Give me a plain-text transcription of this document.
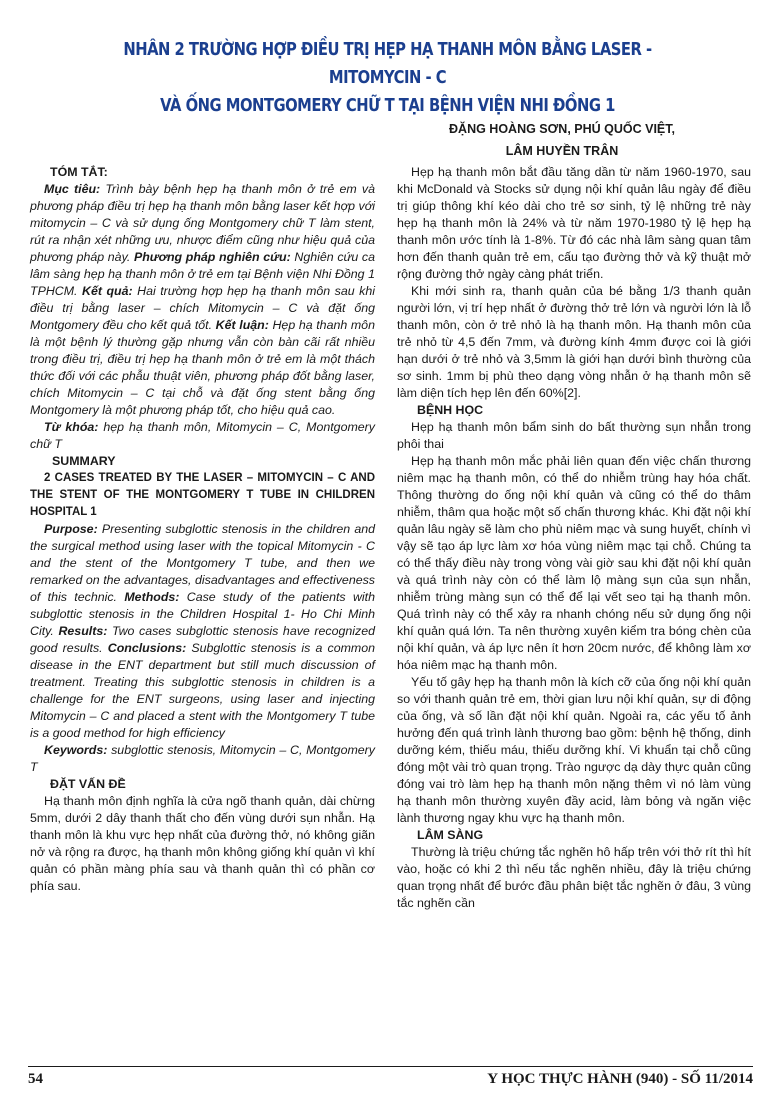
NHÂN 2 TRƯỜNG HỢP ĐIỀU TRỊ HẸP HẠ THANH MÔN BẰNG LASER - MITOMYCIN - C
VÀ ỐNG MONTGOMERY CHỮ T TẠI BỆNH VIỆN NHI ĐỒNG 1
ĐẶNG HOÀNG SƠN, PHÚ QUỐC VIỆT,
LÂM HUYỀN TRÂN
TÓM TẮT:

Mục tiêu: Trình bày bệnh hẹp hạ thanh môn ở trẻ em và phương pháp điều trị hẹp hạ thanh môn bằng laser kết hợp với mitomycin – C và sử dụng ống Montgomery chữ T làm stent, rút ra nhận xét những ưu, nhược điểm cũng như hiệu quả của phương pháp này. Phương pháp nghiên cứu: Nghiên cứu ca lâm sàng hẹp hạ thanh môn ở trẻ em tại Bệnh viện Nhi Đồng 1 TPHCM. Kết quả: Hai trường hợp hẹp hạ thanh môn sau khi điều trị bằng laser – chích Mitomycin – C và đặt ống Montgomery đều cho kết quả tốt. Kết luận: Hẹp hạ thanh môn là một bệnh lý thường gặp nhưng vẫn còn bàn cãi rất nhiều trong điều trị, điều trị hẹp hạ thanh môn ở trẻ em là một thách thức đối với các phẫu thuật viên, phương pháp đốt bằng laser, chích Mitomycin – C tại chỗ và đặt ống stent bằng ống Montgomery là một phương pháp tốt, cho hiệu quả cao.

Từ khóa: hẹp hạ thanh môn, Mitomycin – C, Montgomery chữ T

SUMMARY

2 CASES TREATED BY THE LASER – MITOMYCIN – C AND THE STENT OF THE MONTGOMERY T TUBE IN CHILDREN HOSPITAL 1

Purpose: Presenting subglottic stenosis in the children and the surgical method using laser with the topical Mitomycin - C and the stent of the Montgomery T tube, and then we remarked on the advantages, disadvantages and effectiveness of this technic. Methods: Case study of the patients with subglottic stenosis in the Children Hospital 1- Ho Chi Minh City. Results: Two cases subglottic stenosis have recognized good results. Conclusions: Subglottic stenosis is a common disease in the ENT department but still much discussion of treatment. Treating this subglottic stenosis in children is a challenge for the ENT surgeons, using laser and injecting Mitomycin – C and placed a stent with the Montgomery T tube is a good method for high efficiency

Keywords: subglottic stenosis, Mitomycin – C, Montgomery T

ĐẶT VẤN ĐỀ

Hạ thanh môn định nghĩa là cửa ngõ thanh quản, dài chừng 5mm, dưới 2 dây thanh thất cho đến vùng dưới sụn nhẫn. Hạ thanh môn là khu vực hẹp nhất của đường thở, nó không giãn nở và rộng ra được, hạ thanh môn không giống khí quản vì khí quản có phần màng phía sau và thanh quản thì có phần cơ phía sau.

Hẹp hạ thanh môn bắt đầu tăng dần từ năm 1960-1970, sau khi McDonald và Stocks sử dụng nội khí quản lâu ngày để điều trị giúp thông khí kéo dài cho trẻ sơ sinh, tỷ lệ những trẻ này hẹp hạ thanh môn là 24% và từ năm 1970-1980 tỷ lệ hẹp hạ thanh môn ước tính là 1-8%. Từ đó các nhà lâm sàng quan tâm hơn đến thanh quản trẻ em, cấu tạo đường thở và kỹ thuật mở rộng đường thở ngày càng phát triển.

Khi mới sinh ra, thanh quản của bé bằng 1/3 thanh quản người lớn, vị trí hẹp nhất ở đường thở trẻ lớn và người lớn là lỗ thanh môn, còn ở trẻ nhỏ là hạ thanh môn. Hạ thanh môn của trẻ nhỏ từ 4,5 đến 7mm, và đường kính 4mm được coi là giới hạn dưới ở trẻ nhỏ và 3,5mm là giới hạn dưới bình thường của sơ sinh. 1mm bị phù theo dạng vòng nhẫn ở hạ thanh môn sẽ làm diện tích hẹp lên đến 60%[2].

BỆNH HỌC

Hẹp hạ thanh môn bẩm sinh do bất thường sụn nhẫn trong phôi thai

Hẹp hạ thanh môn mắc phải liên quan đến việc chấn thương niêm mạc hạ thanh môn, có thể do nhiễm trùng hay hóa chất. Thông thường do ống nội khí quản và cũng có thể do thâm nhiễm, thâm qua hoặc một số chấn thương khác. Khi đặt nội khí quản lâu ngày sẽ làm cho phù niêm mạc và sung huyết, chính vì vậy sẽ tạo áp lực làm xơ hóa vùng niêm mạc tại chỗ. Chúng ta có thể thấy điều này trong vòng vài giờ sau khi đặt nội khí quản và quá trình này còn có thể làm lộ màng sụn của sụn nhẫn, nhiễm trùng màng sụn có thể để lại vết seo tại hạ thanh môn. Quá trình này có thể xảy ra nhanh chóng nếu sử dụng ống nội khí quản quá lớn. Ta nên thường xuyên kiểm tra bóng chèn của nội khí quản, và áp lực nên ít hơn 20cm nước, để không làm xơ hóa niêm mạc hạ thanh môn.

Yếu tố gây hẹp hạ thanh môn là kích cỡ của ống nội khí quản so với thanh quản trẻ em, thời gian lưu nội khí quản, sự di động của ống, và số lần đặt nội khí quản. Ngoài ra, các yếu tố ảnh hưởng đến quá trình lành thương bao gồm: bệnh hệ thống, dinh dưỡng kém, thiếu máu, thiếu dưỡng khí. Vi khuẩn tại chỗ cũng đóng một vài trò quan trọng. Trào ngược dạ dày thực quản cũng đóng vai trò làm hẹp hạ thanh môn nặng thêm vì nó làm vùng hạ thanh môn thường xuyên đầy acid, làm bỏng và ngăn việc lành thương ngay khu vực hạ thanh môn.

LÂM SÀNG

Thường là triệu chứng tắc nghẽn hô hấp trên với thở rít thì hít vào, hoặc có khi 2 thì nếu tắc nghẽn nhiều, đây là triệu chứng quan trọng nhất để bước đầu phân biệt tắc nghẽn ở đâu, 3 vùng tắc nghẽn cần

54	Y HỌC THỰC HÀNH (940) - SỐ 11/2014
